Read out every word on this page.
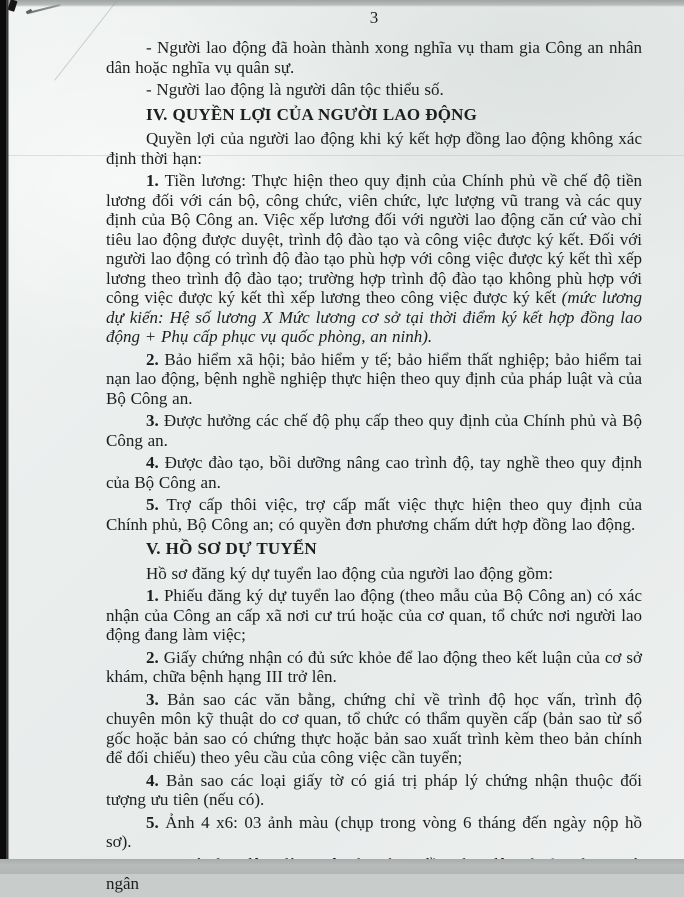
3

- Người lao động đã hoàn thành xong nghĩa vụ tham gia Công an nhân dân hoặc nghĩa vụ quân sự.

- Người lao động là người dân tộc thiểu số.

IV. QUYỀN LỢI CỦA NGƯỜI LAO ĐỘNG

Quyền lợi của người lao động khi ký kết hợp đồng lao động không xác định thời hạn:

1. Tiền lương: Thực hiện theo quy định của Chính phủ về chế độ tiền lương đối với cán bộ, công chức, viên chức, lực lượng vũ trang và các quy định của Bộ Công an. Việc xếp lương đối với người lao động căn cứ vào chỉ tiêu lao động được duyệt, trình độ đào tạo và công việc được ký kết. Đối với người lao động có trình độ đào tạo phù hợp với công việc được ký kết thì xếp lương theo trình độ đào tạo; trường hợp trình độ đào tạo không phù hợp với công việc được ký kết thì xếp lương theo công việc được ký kết (mức lương dự kiến: Hệ số lương X Mức lương cơ sở tại thời điểm ký kết hợp đồng lao động + Phụ cấp phục vụ quốc phòng, an ninh).

2. Bảo hiểm xã hội; bảo hiểm y tế; bảo hiểm thất nghiệp; bảo hiểm tai nạn lao động, bệnh nghề nghiệp thực hiện theo quy định của pháp luật và của Bộ Công an.

3. Được hưởng các chế độ phụ cấp theo quy định của Chính phủ và Bộ Công an.

4. Được đào tạo, bồi dưỡng nâng cao trình độ, tay nghề theo quy định của Bộ Công an.

5. Trợ cấp thôi việc, trợ cấp mất việc thực hiện theo quy định của Chính phủ, Bộ Công an; có quyền đơn phương chấm dứt hợp đồng lao động.

V. HỒ SƠ DỰ TUYỂN

Hồ sơ đăng ký dự tuyển lao động của người lao động gồm:

1. Phiếu đăng ký dự tuyển lao động (theo mẫu của Bộ Công an) có xác nhận của Công an cấp xã nơi cư trú hoặc của cơ quan, tổ chức nơi người lao động đang làm việc;

2. Giấy chứng nhận có đủ sức khỏe để lao động theo kết luận của cơ sở khám, chữa bệnh hạng III trở lên.

3. Bản sao các văn bằng, chứng chỉ về trình độ học vấn, trình độ chuyên môn kỹ thuật do cơ quan, tổ chức có thẩm quyền cấp (bản sao từ sổ gốc hoặc bản sao có chứng thực hoặc bản sao xuất trình kèm theo bản chính để đối chiếu) theo yêu cầu của công việc cần tuyển;

4. Bản sao các loại giấy tờ có giá trị pháp lý chứng nhận thuộc đối tượng ưu tiên (nếu có).

5. Ảnh 4 x6: 03 ảnh màu (chụp trong vòng 6 tháng đến ngày nộp hồ sơ).

ngân
